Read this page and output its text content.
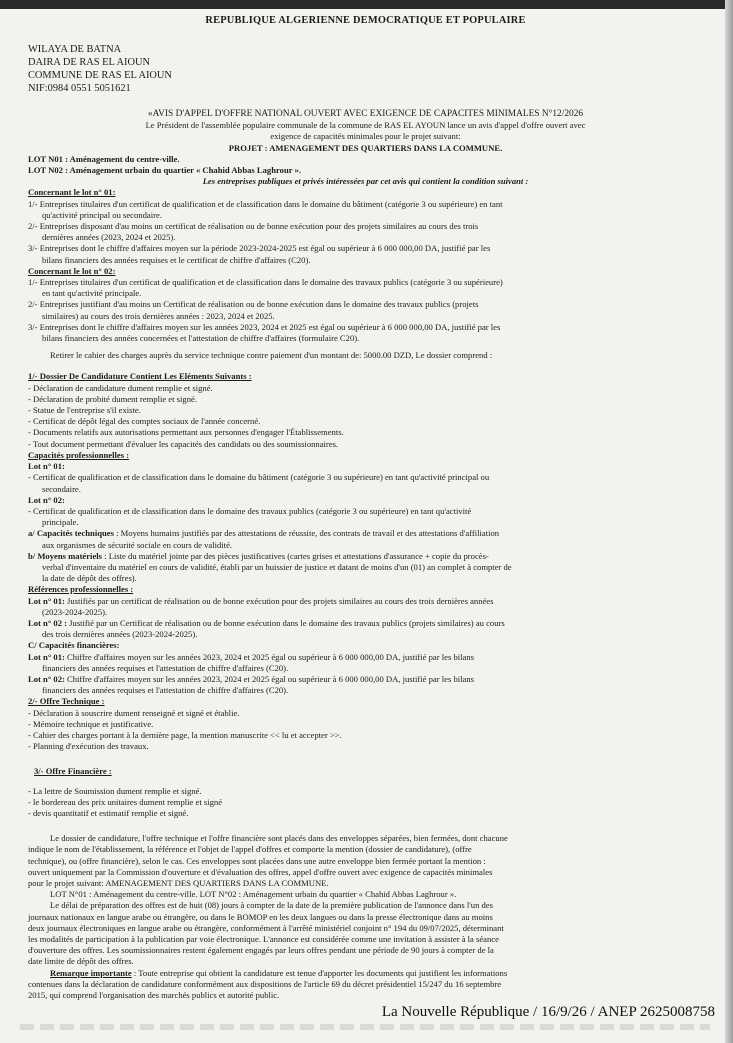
REPUBLIQUE ALGERIENNE DEMOCRATIQUE ET POPULAIRE
WILAYA DE BATNA
DAIRA DE RAS EL AIOUN
COMMUNE DE RAS EL AIOUN
NIF:0984 0551 5051621
«AVIS D'APPEL D'OFFRE NATIONAL OUVERT AVEC EXIGENCE DE CAPACITES MINIMALES N°12/2026
Le Président de l'assemblée populaire communale de la commune de RAS EL AYOUN lance un avis d'appel d'offre ouvert avec
exigence de capacités minimales pour le projet suivant:
PROJET : AMENAGEMENT DES QUARTIERS DANS LA COMMUNE.
LOT N01 : Aménagement du centre-ville.
LOT N02 : Aménagement urbain du quartier « Chahid Abbas Laghrour ».
Les entreprises publiques et privés intéressées par cet avis qui contient la condition suivant :
Concernant le lot n° 01:
1/- Entreprises titulaires d'un certificat de qualification et de classification dans le domaine du bâtiment (catégorie 3 ou supérieure) en tant
qu'activité principal ou secondaire.
2/- Entreprises disposant d'au moins un certificat de réalisation ou de bonne exécution pour des projets similaires au cours des trois
dernières années (2023, 2024 et 2025).
3/- Entreprises dont le chiffre d'affaires moyen sur la période 2023-2024-2025 est égal ou supérieur à 6 000 000,00 DA, justifié par les
bilans financiers des années requises et le certificat de chiffre d'affaires (C20).
Concernant le lot n° 02:
1/- Entreprises titulaires d'un certificat de qualification et de classification dans le domaine des travaux publics (catégorie 3 ou supérieure)
en tant qu'activité principale.
2/- Entreprises justifiant d'au moins un Certificat de réalisation ou de bonne exécution dans le domaine des travaux publics (projets
similaires) au cours des trois dernières années : 2023, 2024 et 2025.
3/- Entreprises dont le chiffre d'affaires moyen sur les années 2023, 2024 et 2025 est égal ou supérieur à 6 000 000,00 DA, justifié par les
bilans financiers des années concernées et l'attestation de chiffre d'affaires (formulaire C20).
Retirer le cahier des charges auprès du service technique contre paiement d'un montant de: 5000.00 DZD, Le dossier comprend :
1/- Dossier De Candidature Contient Les Eléments Suivants :
- Déclaration de candidature dument remplie et signé.
- Déclaration de probité dument remplie et signé.
- Statue de l'entreprise s'il existe.
- Certificat de dépôt légal des comptes sociaux de l'année concerné.
- Documents relatifs aux autorisations permettant aux personnes d'engager l'Établissements.
- Tout document permettant d'évaluer les capacités des candidats ou des soumissionnaires.
Capacités professionnelles :
Lot n° 01:
- Certificat de qualification et de classification dans le domaine du bâtiment (catégorie 3 ou supérieure) en tant qu'activité principal ou
secondaire.
Lot n° 02:
- Certificat de qualification et de classification dans le domaine des travaux publics (catégorie 3 ou supérieure) en tant qu'activité
principale.
a/ Capacités techniques : Moyens humains justifiés par des attestations de réussite, des contrats de travail et des attestations d'affiliation
aux organismes de sécurité sociale en cours de validité.
b/ Moyens matériels : Liste du matériel jointe par des pièces justificatives (cartes grises et attestations d'assurance + copie du procès-
verbal d'inventaire du matériel en cours de validité, établi par un huissier de justice et datant de moins d'un (01) an complet à compter de
la date de dépôt des offres).
Références professionnelles :
Lot n° 01: Justifiés par un certificat de réalisation ou de bonne exécution pour des projets similaires au cours des trois dernières années
(2023-2024-2025).
Lot n° 02 : Justifié par un Certificat de réalisation ou de bonne exécution dans le domaine des travaux publics (projets similaires) au cours
des trois dernières années (2023-2024-2025).
C/ Capacités financières:
Lot n° 01: Chiffre d'affaires moyen sur les années 2023, 2024 et 2025 égal ou supérieur à 6 000 000,00 DA, justifié par les bilans
financiers des années requises et l'attestation de chiffre d'affaires (C20).
Lot n° 02: Chiffre d'affaires moyen sur les années 2023, 2024 et 2025 égal ou supérieur à 6 000 000,00 DA, justifié par les bilans
financiers des années requises et l'attestation de chiffre d'affaires (C20).
2/- Offre Technique :
- Déclaration à souscrire dument renseigné et signé et établie.
- Mémoire technique et justificative.
- Cahier des charges portant à la dernière page, la mention manuscrite << lu et accepter >>.
- Planning d'exécution des travaux.
3/- Offre Financière :
- La lettre de Soumission dument remplie et signé.
- le bordereau des prix unitaires dument remplie et signé
- devis quantitatif et estimatif remplie et signé.
Le dossier de candidature, l'offre technique et l'offre financière sont placés dans des enveloppes séparées, bien fermées, dont chacune
indique le nom de l'établissement, la référence et l'objet de l'appel d'offres et comporte la mention (dossier de candidature), (offre
technique), ou (offre financière), selon le cas. Ces enveloppes sont placées dans une autre enveloppe bien fermée portant la mention :
ouvert uniquement par la Commission d'ouverture et d'évaluation des offres, appel d'offre ouvert avec exigence de capacités minimales
pour le projet suivant: AMENAGEMENT DES QUARTIERS DANS LA COMMUNE.
LOT N°01 : Aménagement du centre-ville. LOT N°02 : Aménagement urbain du quartier « Chahid Abbas Laghrour ».
Le délai de préparation des offres est de huit (08) jours à compter de la date de la première publication de l'annonce dans l'un des
journaux nationaux en langue arabe ou étrangère, ou dans le BOMOP en les deux langues ou dans la presse électronique dans au moins
deux journaux électroniques en langue arabe ou étrangère, conformément à l'arrêté ministériel conjoint n° 194 du 09/07/2025, déterminant
les modalités de participation à la publication par voie électronique. L'annonce est considérée comme une invitation à assister à la séance
d'ouverture des offres. Les soumissionnaires restent également engagés par leurs offres pendant une période de 90 jours à compter de la
date limite de dépôt des offres.
Remarque importante : Toute entreprise qui obtient la candidature est tenue d'apporter les documents qui justifient les informations
contenues dans la déclaration de candidature conformément aux dispositions de l'article 69 du décret présidentiel 15/247 du 16 septembre
2015, qui comprend l'organisation des marchés publics et autorité public.
La Nouvelle République / 16/9/26 / ANEP 2625008758
